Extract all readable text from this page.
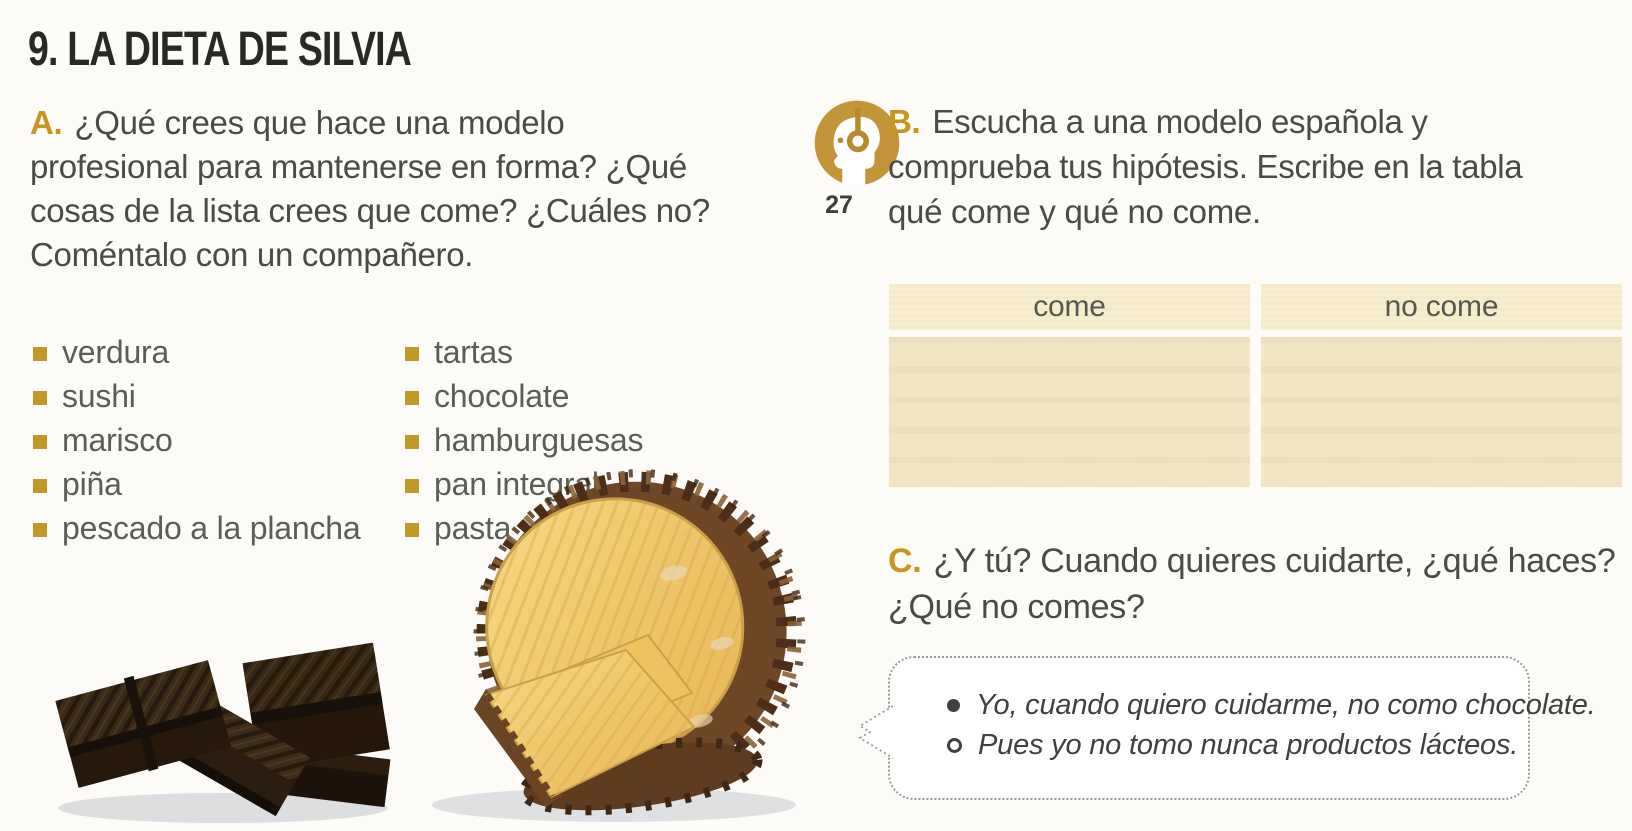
9. LA DIETA DE SILVIA
A. ¿Qué crees que hace una modelo
profesional para mantenerse en forma? ¿Qué
cosas de la lista crees que come? ¿Cuáles no?
Coméntalo con un compañero.
verdura
sushi
marisco
piña
pescado a la plancha
tartas
chocolate
hamburguesas
pan integral
pasta
27
B. Escucha a una modelo española y
comprueba tus hipótesis. Escribe en la tabla
qué come y qué no come.
come	no come
C. ¿Y tú? Cuando quieres cuidarte, ¿qué haces?
¿Qué no comes?
Yo, cuando quiero cuidarme, no como chocolate.
Pues yo no tomo nunca productos lácteos.
